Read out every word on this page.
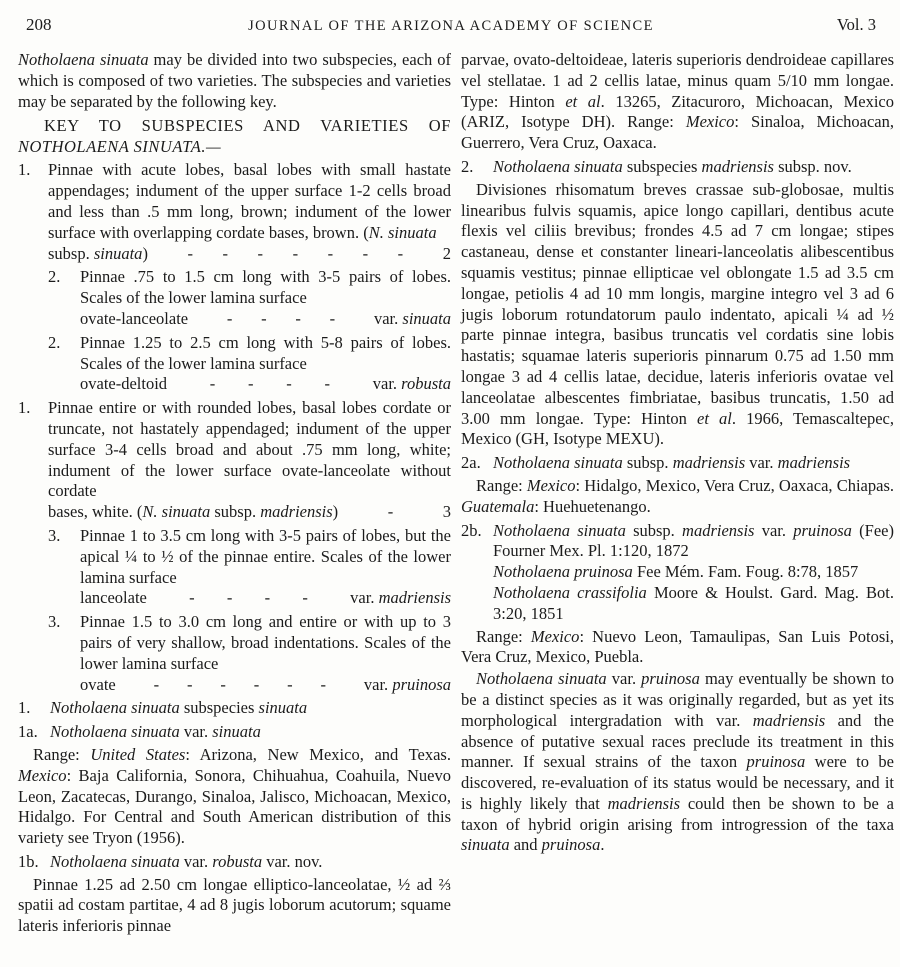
208	JOURNAL OF THE ARIZONA ACADEMY OF SCIENCE	Vol. 3

Notholaena sinuata may be divided into two subspecies, each of which is composed of two varieties. The subspecies and varieties may be separated by the following key.

KEY TO SUBSPECIES AND VARIETIES OF

NOTHOLAENA SINUATA.—

1.	Pinnae with acute lobes, basal lobes with small hastate appendages; indument of the upper surface 1-2 cells broad and less than .5 mm long, brown; indument of the lower surface with overlapping cordate bases, brown. (N. sinuata

subsp. sinuata) - - - - - - - 2
2.	Pinnae .75 to 1.5 cm long with 3-5 pairs of lobes. Scales of the lower lamina surface

ovate-lanceolate - - - - var. sinuata
2.	Pinnae 1.25 to 2.5 cm long with 5-8 pairs of lobes. Scales of the lower lamina surface

ovate-deltoid	- - - -	var. robusta
1.	Pinnae entire or with rounded lobes, basal lobes cordate or truncate, not hastately appendaged; indument of the upper surface 3-4 cells broad and about .75 mm long, white; indument of the lower surface ovate-lanceolate without cordate

bases, white. (N. sinuata subsp. madriensis)	-	3
3.	Pinnae 1 to 3.5 cm long with 3-5 pairs of lobes, but the apical ¼ to ½ of the pinnae entire. Scales of the lower lamina surface

lanceolate	- - - -	var. madriensis
3.	Pinnae 1.5 to 3.0 cm long and entire or with up to 3 pairs of very shallow, broad indentations. Scales of the lower lamina surface

ovate - - - - - - var. pruinosa
1.	Notholaena sinuata subspecies sinuata

1a. Notholaena sinuata var. sinuata

Range: United States: Arizona, New Mexico, and Texas. Mexico: Baja California, Sonora, Chihuahua, Coahuila, Nuevo Leon, Zacatecas, Durango, Sinaloa, Jalisco, Michoacan, Mexico, Hidalgo. For Central and South American distribution of this variety see Tryon (1956).

1b. Notholaena sinuata var. robusta var. nov.

Pinnae 1.25 ad 2.50 cm longae elliptico-lanceolatae, ½ ad ⅔ spatii ad costam partitae, 4 ad 8 jugis loborum acutorum; squame lateris inferioris pinnae

parvae, ovato-deltoideae, lateris superioris dendroideae capillares vel stellatae. 1 ad 2 cellis latae, minus quam 5/10 mm longae. Type: Hinton et al. 13265, Zitacuroro, Michoacan, Mexico (ARIZ, Isotype DH). Range: Mexico: Sinaloa, Michoacan, Guerrero, Vera Cruz, Oaxaca.

2.	Notholaena sinuata subspecies madriensis subsp. nov.

Divisiones rhisomatum breves crassae sub-globosae, multis linearibus fulvis squamis, apice longo capillari, dentibus acute flexis vel ciliis brevibus; frondes 4.5 ad 7 cm longae; stipes castaneau, dense et constanter lineari-lanceolatis alibescentibus squamis vestitus; pinnae ellipticae vel oblongate 1.5 ad 3.5 cm longae, petiolis 4 ad 10 mm longis, margine integro vel 3 ad 6 jugis loborum rotundatorum paulo indentato, apicali ¼ ad ½ parte pinnae integra, basibus truncatis vel cordatis sine lobis hastatis; squamae lateris superioris pinnarum 0.75 ad 1.50 mm longae 3 ad 4 cellis latae, decidue, lateris inferioris ovatae vel lanceolatae albescentes fimbriatae, basibus truncatis, 1.50 ad 3.00 mm longae. Type: Hinton et al. 1966, Temascaltepec, Mexico (GH, Isotype MEXU).

2a. Notholaena sinuata subsp. madriensis var. madriensis

Range: Mexico: Hidalgo, Mexico, Vera Cruz, Oaxaca, Chiapas. Guatemala: Huehuetenango.

2b. Notholaena sinuata subsp. madriensis var. pruinosa (Fee) Fourner Mex. Pl. 1:120, 1872

Notholaena pruinosa Fee Mém. Fam. Foug. 8:78, 1857

Notholaena crassifolia Moore & Houlst. Gard. Mag. Bot. 3:20, 1851

Range: Mexico: Nuevo Leon, Tamaulipas, San Luis Potosi, Vera Cruz, Mexico, Puebla.

Notholaena sinuata var. pruinosa may eventually be shown to be a distinct species as it was originally regarded, but as yet its morphological intergradation with var. madriensis and the absence of putative sexual races preclude its treatment in this manner. If sexual strains of the taxon pruinosa were to be discovered, re-evaluation of its status would be necessary, and it is highly likely that madriensis could then be shown to be a taxon of hybrid origin arising from introgression of the taxa sinuata and pruinosa.
